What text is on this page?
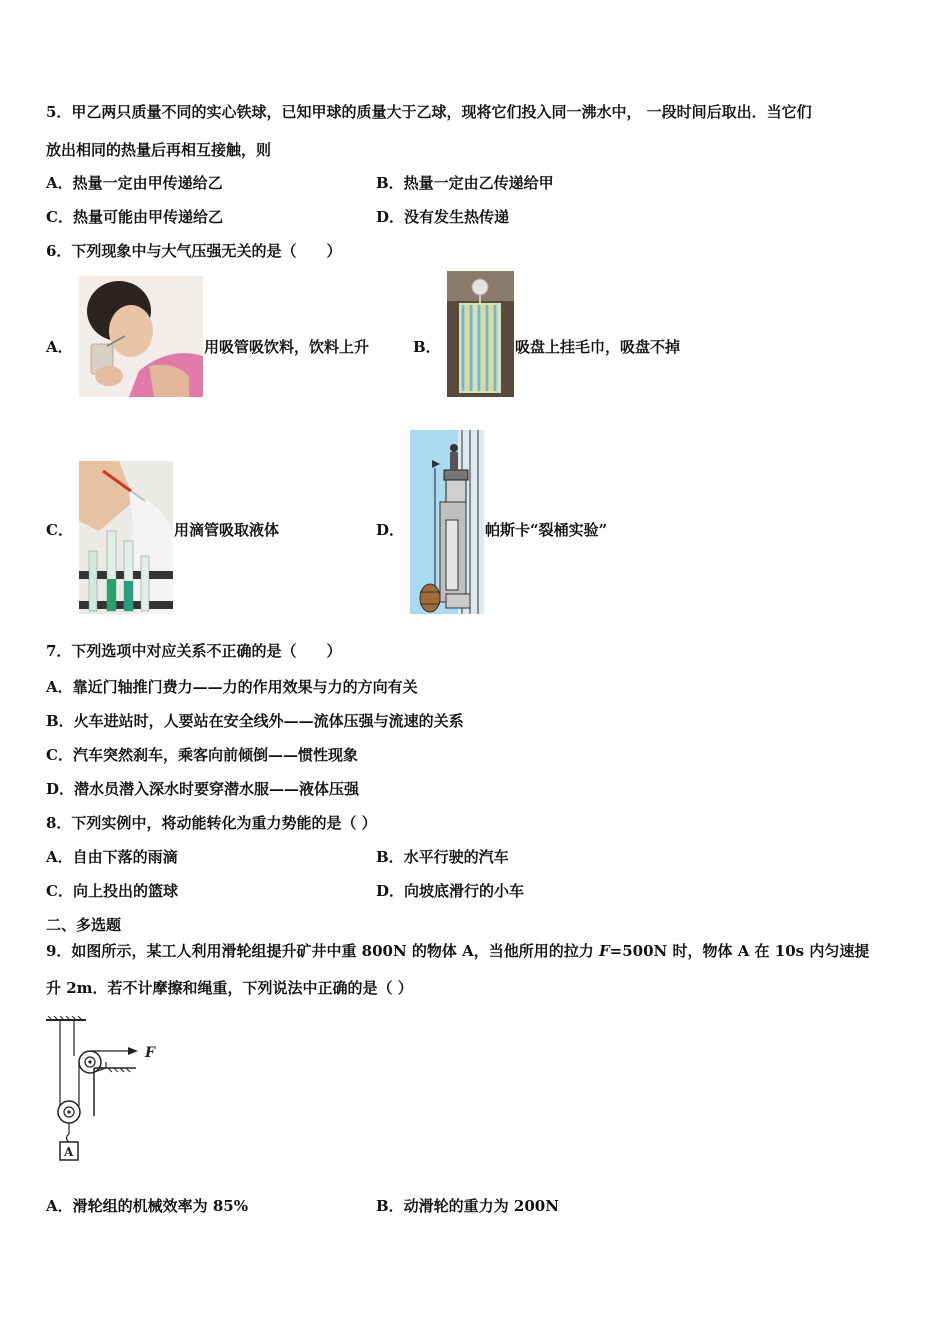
5．甲乙两只质量不同的实心铁球，已知甲球的质量大于乙球，现将它们投入同一沸水中， 一段时间后取出．当它们
放出相同的热量后再相互接触，则
A．热量一定由甲传递给乙	B．热量一定由乙传递给甲
C．热量可能由甲传递给乙	D．没有发生热传递
6．下列现象中与大气压强无关的是（　　）
A．	用吸管吸饮料，饮料上升	B．	吸盘上挂毛巾，吸盘不掉
C．	用滴管吸取液体	D．	帕斯卡“裂桶实验”
7．下列选项中对应关系不正确的是（　　）
A．靠近门轴推门费力——力的作用效果与力的方向有关
B．火车进站时，人要站在安全线外——流体压强与流速的关系
C．汽车突然刹车，乘客向前倾倒——惯性现象
D．潜水员潜入深水时要穿潜水服——液体压强
8．下列实例中，将动能转化为重力势能的是（ ）
A．自由下落的雨滴	B．水平行驶的汽车
C．向上投出的篮球	D．向坡底滑行的小车
二、多选题
9．如图所示，某工人利用滑轮组提升矿井中重 800N 的物体 A，当他所用的拉力 F=500N 时，物体 A 在 10s 内匀速提
升 2m．若不计摩擦和绳重，下列说法中正确的是（ ）
F
A
A．滑轮组的机械效率为 85%	B．动滑轮的重力为 200N
